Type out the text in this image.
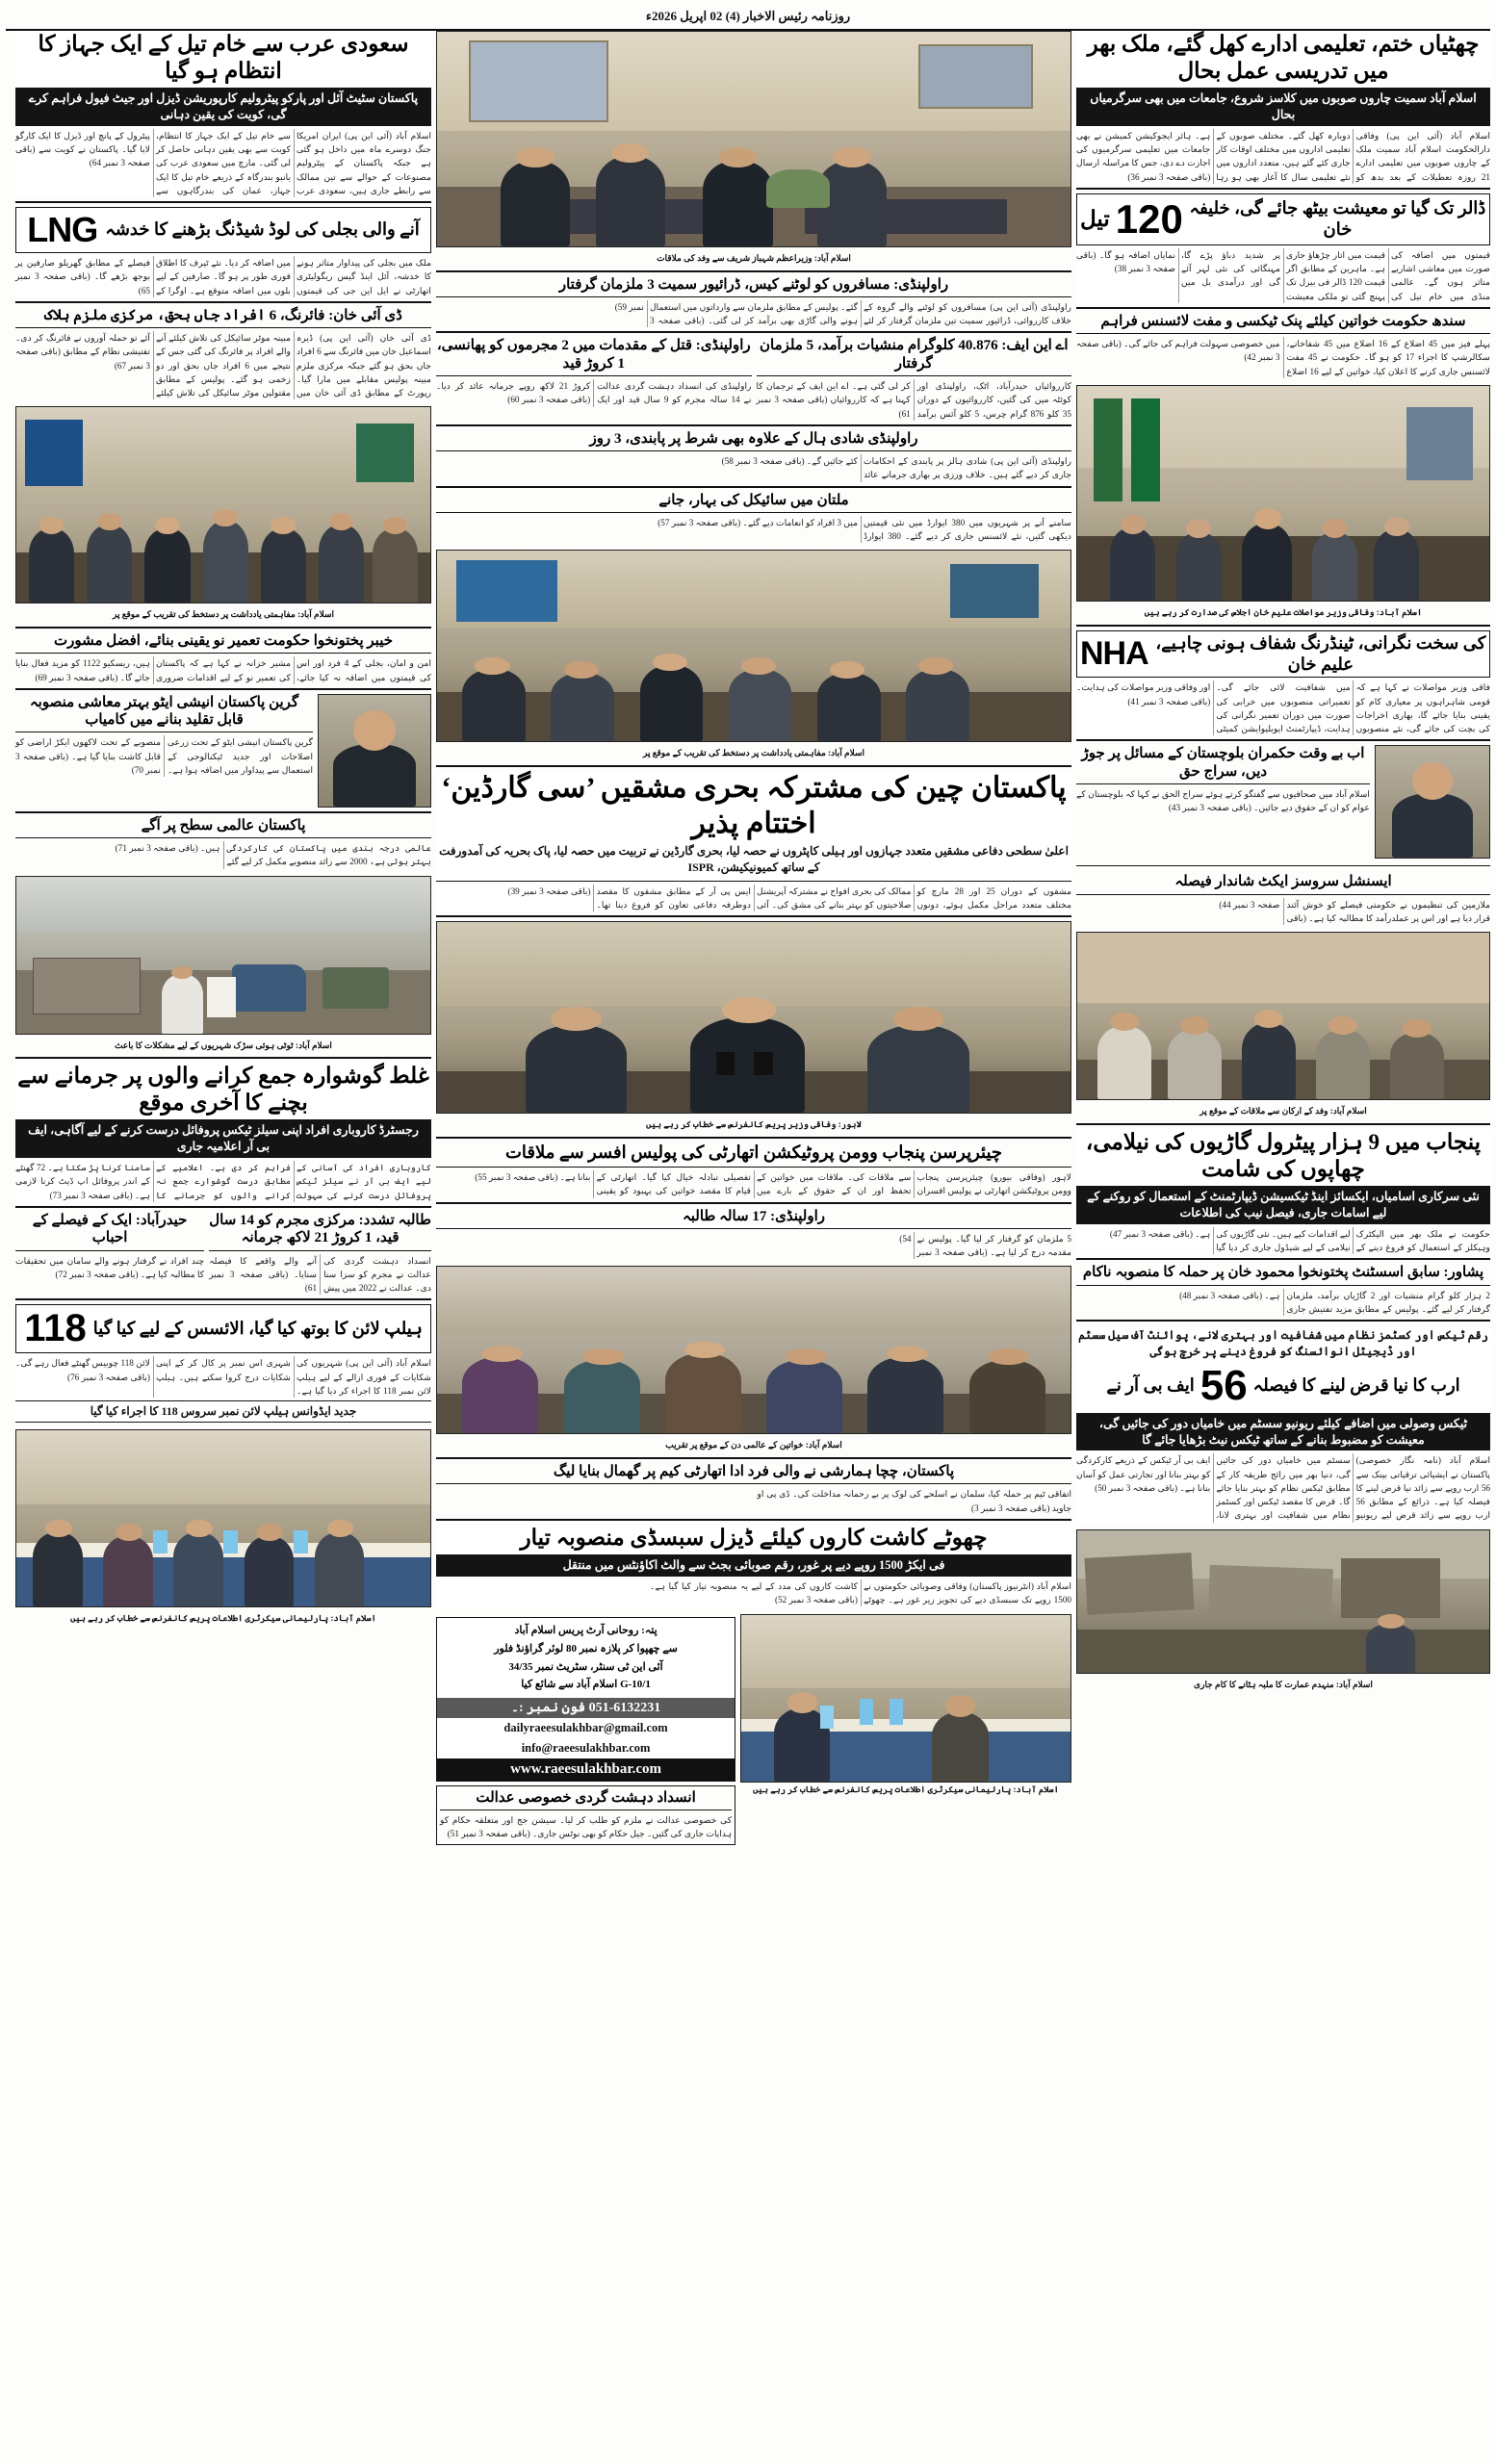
روزنامہ رئیس الاخبار (4) 02 اپریل 2026ء
چھٹیاں ختم، تعلیمی ادارے کھل گئے، ملک بھر میں تدریسی عمل بحال
اسلام آباد سمیت چاروں صوبوں میں کلاسز شروع، جامعات میں بھی سرگرمیاں بحال
اسلام آباد (آئی این پی) وفاقی دارالحکومت اسلام آباد سمیت ملک کے چاروں صوبوں میں تعلیمی ادارے 21 روزہ تعطیلات کے بعد بدھ کو دوبارہ کھل گئے۔ مختلف صوبوں کے تعلیمی اداروں میں مختلف اوقات کار جاری کئے گئے ہیں، متعدد اداروں میں نئے تعلیمی سال کا آغاز بھی ہو رہا ہے۔ ہائر ایجوکیشن کمیشن نے بھی جامعات میں تعلیمی سرگرمیوں کی اجازت دے دی، جس کا مراسلہ ارسال (باقی صفحہ 3 نمبر 36)
ڈالر تک گیا تو معیشت بیٹھ جائے گی، خلیفہ خان
120
تیل
قیمتوں میں اضافہ کی صورت میں معاشی اشاریے متاثر ہوں گے۔ عالمی منڈی میں خام تیل کی قیمت میں اتار چڑھاؤ جاری ہے۔ ماہرین کے مطابق اگر قیمت 120 ڈالر فی بیرل تک پہنچ گئی تو ملکی معیشت پر شدید دباؤ پڑے گا، مہنگائی کی نئی لہر آئے گی اور درآمدی بل میں نمایاں اضافہ ہو گا۔ (باقی صفحہ 3 نمبر 38)
سندھ حکومت خواتین کیلئے پنک ٹیکسی و مفت لائسنس فراہم
پہلے فیز میں 45 اضلاع کے 16 اضلاع میں 45 شفاخانے، سکالرشپ کا اجراء 17 کو ہو گا۔ حکومت نے 45 مفت لائسنس جاری کرنے کا اعلان کیا، خواتین کے لیے 16 اضلاع میں خصوصی سہولت فراہم کی جائے گی۔ (باقی صفحہ 3 نمبر 42)
اسلام آباد: وفاقی وزیر مواصلات علیم خان اجلاس کی صدارت کر رہے ہیں
کی سخت نگرانی، ٹینڈرنگ شفاف ہونی چاہیے، علیم خان
NHA
فاقی وزیر مواصلات نے کہا ہے کہ قومی شاہراہوں پر معیاری کام کو یقینی بنایا جائے گا، بھاری اخراجات کی بچت کی جائے گی، نئے منصوبوں میں شفافیت لائی جائے گی۔ تعمیراتی منصوبوں میں خرابی کی صورت میں دوران تعمیر نگرانی کی ہدایت، ڈیپارٹمنٹ ایویلیوایشن کمیٹی اور وفاقی وزیر مواصلات کی ہدایت۔ (باقی صفحہ 3 نمبر 41)
اب بے وقت حکمران بلوچستان کے مسائل پر جوڑ دیں، سراج حق
اسلام آباد میں صحافیوں سے گفتگو کرتے ہوئے سراج الحق نے کہا کہ بلوچستان کے عوام کو ان کے حقوق دیے جائیں۔ (باقی صفحہ 3 نمبر 43)
ایسنشل سروسز ایکٹ شاندار فیصلہ
ملازمین کی تنظیموں نے حکومتی فیصلے کو خوش آئند قرار دیا ہے اور اس پر عملدرآمد کا مطالبہ کیا ہے۔ (باقی صفحہ 3 نمبر 44)
اسلام آباد: وفد کے ارکان سے ملاقات کے موقع پر
پنجاب میں 9 ہزار پیٹرول گاڑیوں کی نیلامی، چھاپوں کی شامت
نئی سرکاری اسامیاں، ایکسائز اینڈ ٹیکسیشن ڈیپارٹمنٹ کے استعمال کو روکنے کے لیے اسامات جاری، فیصل نیب کی اطلاعات
حکومت نے ملک بھر میں الیکٹرک وہیکلز کے استعمال کو فروغ دینے کے لیے اقدامات کیے ہیں۔ نئی گاڑیوں کی نیلامی کے لیے شیڈول جاری کر دیا گیا ہے۔ (باقی صفحہ 3 نمبر 47)
پشاور: سابق اسسٹنٹ پختونخوا محمود خان پر حملہ کا منصوبہ ناکام
2 ہزار کلو گرام منشیات اور 2 گاڑیاں برآمد، ملزمان گرفتار کر لیے گئے۔ پولیس کے مطابق مزید تفتیش جاری ہے۔ (باقی صفحہ 3 نمبر 48)
رقم ٹیکس اور کسٹمز نظام میں شفافیت اور بہتری لانے، پوائنٹ آف سیل سسٹم اور ڈیجیٹل انوائسنگ کو فروغ دینے پر خرچ ہوگی
ارب کا نیا قرض لینے کا فیصلہ
56
ایف بی آر نے
ٹیکس وصولی میں اضافے کیلئے ریونیو سسٹم میں خامیاں دور کی جائیں گی، معیشت کو مضبوط بنانے کے ساتھ ٹیکس نیٹ بڑھایا جائے گا
اسلام آباد (نامہ نگار خصوصی) پاکستان نے ایشیائی ترقیاتی بینک سے 56 ارب روپے سے زائد نیا قرض لینے کا فیصلہ کیا ہے۔ ذرائع کے مطابق 56 ارب روپے سے زائد قرض لیے ریونیو سسٹم میں خامیاں دور کی جائیں گی، دنیا بھر میں رائج طریقہ کار کے مطابق ٹیکس نظام کو بہتر بنایا جائے گا۔ قرض کا مقصد ٹیکس اور کسٹمز نظام میں شفافیت اور بہتری لانا، ایف بی آر ٹیکس کے ذریعے کارکردگی کو بہتر بنانا اور تجارتی عمل کو آسان بنانا ہے۔ (باقی صفحہ 3 نمبر 50)
اسلام آباد: منہدم عمارت کا ملبہ ہٹانے کا کام جاری
اسلام آباد: وزیراعظم شہباز شریف سے وفد کی ملاقات
راولپنڈی: مسافروں کو لوٹنے کیس، ڈرائیور سمیت 3 ملزمان گرفتار
راولپنڈی (آئی این پی) مسافروں کو لوٹنے والے گروہ کے خلاف کارروائی، ڈرائیور سمیت تین ملزمان گرفتار کر لئے گئے۔ پولیس کے مطابق ملزمان سے وارداتوں میں استعمال ہونے والی گاڑی بھی برآمد کر لی گئی۔ (باقی صفحہ 3 نمبر 59)
اے این ایف: 40.876 کلوگرام منشیات برآمد، 5 ملزمان گرفتار
کارروائیاں حیدرآباد، اٹک، راولپنڈی اور کوئٹہ میں کی گئیں، کارروائیوں کے دوران 35 کلو 876 گرام چرس، 5 کلو آئس برآمد کر لی گئی ہے۔ اے این ایف کے ترجمان کا کہنا ہے کہ کارروائیاں (باقی صفحہ 3 نمبر 61)
راولپنڈی: قتل کے مقدمات میں 2 مجرموں کو پھانسی، 1 کروڑ قید
راولپنڈی کی انسداد دہشت گردی عدالت نے 14 سالہ مجرم کو 9 سال قید اور ایک کروڑ 21 لاکھ روپے جرمانہ عائد کر دیا۔ (باقی صفحہ 3 نمبر 60)
راولپنڈی شادی ہال کے علاوہ بھی شرط پر پابندی، 3 روز
راولپنڈی (آئی این پی) شادی ہالز پر پابندی کے احکامات جاری کر دیے گئے ہیں۔ خلاف ورزی پر بھاری جرمانے عائد کئے جائیں گے۔ (باقی صفحہ 3 نمبر 58)
ملتان میں سائیکل کی بہار، جانے
سامنے آنے پر شہریوں میں 380 ایوارڈ میں نئی قیمتیں دیکھی گئیں، نئے لائسنس جاری کر دیے گئے۔ 380 ایوارڈ میں 3 افراد کو انعامات دیے گئے۔ (باقی صفحہ 3 نمبر 57)
اسلام آباد: مفاہمتی یادداشت پر دستخط کی تقریب کے موقع پر
پاکستان چین کی مشترکہ بحری مشقیں ’سی گارڈین‘ اختتام پذیر
اعلیٰ سطحی دفاعی مشقیں متعدد جہازوں اور ہیلی کاپٹروں نے حصہ لیا، بحری گارڈین نے تربیت میں حصہ لیا، پاک بحریہ کی آمدورفت کے ساتھ کمیونیکیشن، ISPR
مشقوں کے دوران 25 اور 28 مارچ کو مختلف متعدد مراحل مکمل ہوئے، دونوں ممالک کی بحری افواج نے مشترکہ آپریشنل صلاحیتوں کو بہتر بنانے کی مشق کی۔ آئی ایس پی آر کے مطابق مشقوں کا مقصد دوطرفہ دفاعی تعاون کو فروغ دینا تھا۔ (باقی صفحہ 3 نمبر 39)
لاہور: وفاقی وزیر پریس کانفرنس سے خطاب کر رہے ہیں
چیئرپرسن پنجاب وومن پروٹیکشن اتھارٹی کی پولیس افسر سے ملاقات
لاہور (وفاقی بیورو) چیئرپرسن پنجاب وومن پروٹیکشن اتھارٹی نے پولیس افسران سے ملاقات کی۔ ملاقات میں خواتین کے تحفظ اور ان کے حقوق کے بارے میں تفصیلی تبادلہ خیال کیا گیا۔ اتھارٹی کے قیام کا مقصد خواتین کی بہبود کو یقینی بنانا ہے۔ (باقی صفحہ 3 نمبر 55)
راولپنڈی: 17 سالہ طالبہ
5 ملزمان کو گرفتار کر لیا گیا۔ پولیس نے مقدمہ درج کر لیا ہے۔ (باقی صفحہ 3 نمبر 54)
اسلام آباد: خواتین کے عالمی دن کے موقع پر تقریب
پاکستان، چچا ہمارشی نے والی فرد ادا اتھارٹی کیم پر گھمال بنایا لیگ
اتفاقی ٹیم پر حملہ کیا، سلمان نے اسلحے کی لوک پر بے رحمانہ مداخلت کی۔ ڈی پی او جاوید (باقی صفحہ 3 نمبر 3)
چھوٹے کاشت کاروں کیلئے ڈیزل سبسڈی منصوبہ تیار
فی ایکڑ 1500 روپے دیے پر غور، رقم صوبائی بجٹ سے والٹ اکاؤنٹس میں منتقل
اسلام آباد (انٹرنیوز پاکستان) وفاقی وصوبائی حکومتوں نے 1500 روپے تک سبسڈی دیے کی تجویز زیر غور ہے۔ چھوٹے کاشت کاروں کی مدد کے لیے یہ منصوبہ تیار کیا گیا ہے۔ (باقی صفحہ 3 نمبر 52)
اسلام آباد: پارلیمانی سیکرٹری اطلاعات پریس کانفرنس سے خطاب کر رہے ہیں
پتہ: روحانی آرٹ پریس اسلام آباد
سے چھپوا کر پلازہ نمبر 80 لوئر گراؤنڈ فلور
آئی این ٹی سنٹر، سٹریٹ نمبر 34/35
G-10/1 اسلام آباد سے شائع کیا
051-6132231 فون نمبر :۔
dailyraeesulakhbar@gmail.com
info@raeesulakhbar.com
www.raeesulakhbar.com
انسداد دہشت گردی خصوصی عدالت
کی خصوصی عدالت نے ملزم کو طلب کر لیا۔ سیشن جج اور متعلقہ حکام کو ہدایات جاری کی گئیں۔ جیل حکام کو بھی نوٹس جاری۔ (باقی صفحہ 3 نمبر 51)
سعودی عرب سے خام تیل کے ایک جہاز کا انتظام ہو گیا
پاکستان سٹیٹ آئل اور پارکو پیٹرولیم کارپوریشن ڈیزل اور جیٹ فیول فراہم کرے گی، کویت کی یقین دہانی
اسلام آباد (آئی این پی) ایران امریکا جنگ دوسرے ماہ میں داخل ہو گئی ہے جبکہ پاکستان کے پیٹرولیم مصنوعات کے حوالے سے تین ممالک سے رابطے جاری ہیں، سعودی عرب سے خام تیل کے ایک جہاز کا انتظام، کویت سے بھی یقین دہانی حاصل کر لی گئی۔ مارچ میں سعودی عرب کی یانبو بندرگاہ کے ذریعے خام تیل کا ایک جہاز، عمان کی بندرگاہوں سے پیٹرول کے پانچ اور ڈیزل کا ایک کارگو لایا گیا۔ پاکستان نے کویت سے (باقی صفحہ 3 نمبر 64)
آنے والی بجلی کی لوڈ شیڈنگ بڑھنے کا خدشہ
LNG
ملک میں بجلی کی پیداوار متاثر ہونے کا خدشہ، آئل اینڈ گیس ریگولیٹری اتھارٹی نے ایل این جی کی قیمتوں میں اضافہ کر دیا۔ نئے ٹیرف کا اطلاق فوری طور پر ہو گا۔ صارفین کے لیے بلوں میں اضافہ متوقع ہے۔ اوگرا کے فیصلے کے مطابق گھریلو صارفین پر بوجھ بڑھے گا۔ (باقی صفحہ 3 نمبر 65)
ڈی آئی خان: فائرنگ، 6 افراد جاں بحق، مرکزی ملزم ہلاک
ڈی آئی خان (آئی این پی) ڈیرہ اسماعیل خان میں فائرنگ سے 6 افراد جاں بحق ہو گئے جبکہ مرکزی ملزم مبینہ پولیس مقابلے میں مارا گیا۔ رپورٹ کے مطابق ڈی آئی خان میں مبینہ موٹر سائیکل کی تلاش کیلئے آنے والے افراد پر فائرنگ کی گئی جس کے نتیجے میں 6 افراد جاں بحق اور دو زخمی ہو گئے۔ پولیس کے مطابق مقتولین موٹر سائیکل کی تلاش کیلئے آئے تو حملہ آوروں نے فائرنگ کر دی۔ تفتیشی نظام کے مطابق (باقی صفحہ 3 نمبر 67)
اسلام آباد: مفاہمتی یادداشت پر دستخط کی تقریب کے موقع پر
خیبر پختونخوا حکومت تعمیر نو یقینی بنائے، افضل مشورت
امن و امان، بجلی کے 4 فرد اور اس کی قیمتوں میں اضافہ نہ کیا جائے، مشیر خزانہ نے کہا ہے کہ پاکستان کی تعمیر نو کے لیے اقدامات ضروری ہیں، ریسکیو 1122 کو مزید فعال بنایا جائے گا۔ (باقی صفحہ 3 نمبر 69)
گرین پاکستان انیشی ایٹو بہتر معاشی منصوبہ قابل تقلید بنانے میں کامیاب
گرین پاکستان انیشی ایٹو کے تحت زرعی اصلاحات اور جدید ٹیکنالوجی کے استعمال سے پیداوار میں اضافہ ہوا ہے۔ منصوبے کے تحت لاکھوں ایکڑ اراضی کو قابل کاشت بنایا گیا ہے۔ (باقی صفحہ 3 نمبر 70)
پاکستان عالمی سطح پر آگے
عالمی درجہ بندی میں پاکستان کی کارکردگی بہتر ہوئی ہے، 2000 سے زائد منصوبے مکمل کر لیے گئے ہیں۔ (باقی صفحہ 3 نمبر 71)
اسلام آباد: ٹوٹی ہوئی سڑک شہریوں کے لیے مشکلات کا باعث
غلط گوشوارہ جمع کرانے والوں پر جرمانے سے بچنے کا آخری موقع
رجسٹرڈ کاروباری افراد اپنی سیلز ٹیکس پروفائل درست کرنے کے لیے آگاہی، ایف بی آر اعلامیہ جاری
کاروباری افراد کی آسانی کے لیے ایف بی آر نے سیلز ٹیکس پروفائل درست کرنے کی سہولت فراہم کر دی ہے۔ اعلامیے کے مطابق درست گوشوارے جمع نہ کرانے والوں کو جرمانے کا سامنا کرنا پڑ سکتا ہے۔ 72 گھنٹے کے اندر پروفائل اپ ڈیٹ کرنا لازمی ہے۔ (باقی صفحہ 3 نمبر 73)
طالبہ تشدد: مرکزی مجرم کو 14 سال قید، 1 کروڑ 21 لاکھ جرمانہ
انسداد دہشت گردی کی عدالت نے مجرم کو سزا سنا دی۔ عدالت نے 2022 میں پیش آنے والے واقعے کا فیصلہ سنایا۔ (باقی صفحہ 3 نمبر 61)
حیدرآباد: ایک کے فیصلے کے احباب
چند افراد نے گرفتار ہونے والے سامان میں تحقیقات کا مطالبہ کیا ہے۔ (باقی صفحہ 3 نمبر 72)
ہیلپ لائن کا بوتھ کیا گیا، الائسس کے لیے کیا گیا
118
اسلام آباد (آئی این پی) شہریوں کی شکایات کے فوری ازالے کے لیے ہیلپ لائن نمبر 118 کا اجراء کر دیا گیا ہے۔ شہری اس نمبر پر کال کر کے اپنی شکایات درج کروا سکتے ہیں۔ ہیلپ لائن 118 چوبیس گھنٹے فعال رہے گی۔ (باقی صفحہ 3 نمبر 76)
جدید ایڈوانس ہیلپ لائن نمبر سروس 118 کا اجراء کیا گیا
اسلام آباد: پارلیمانی سیکرٹری اطلاعات پریس کانفرنس سے خطاب کر رہے ہیں
